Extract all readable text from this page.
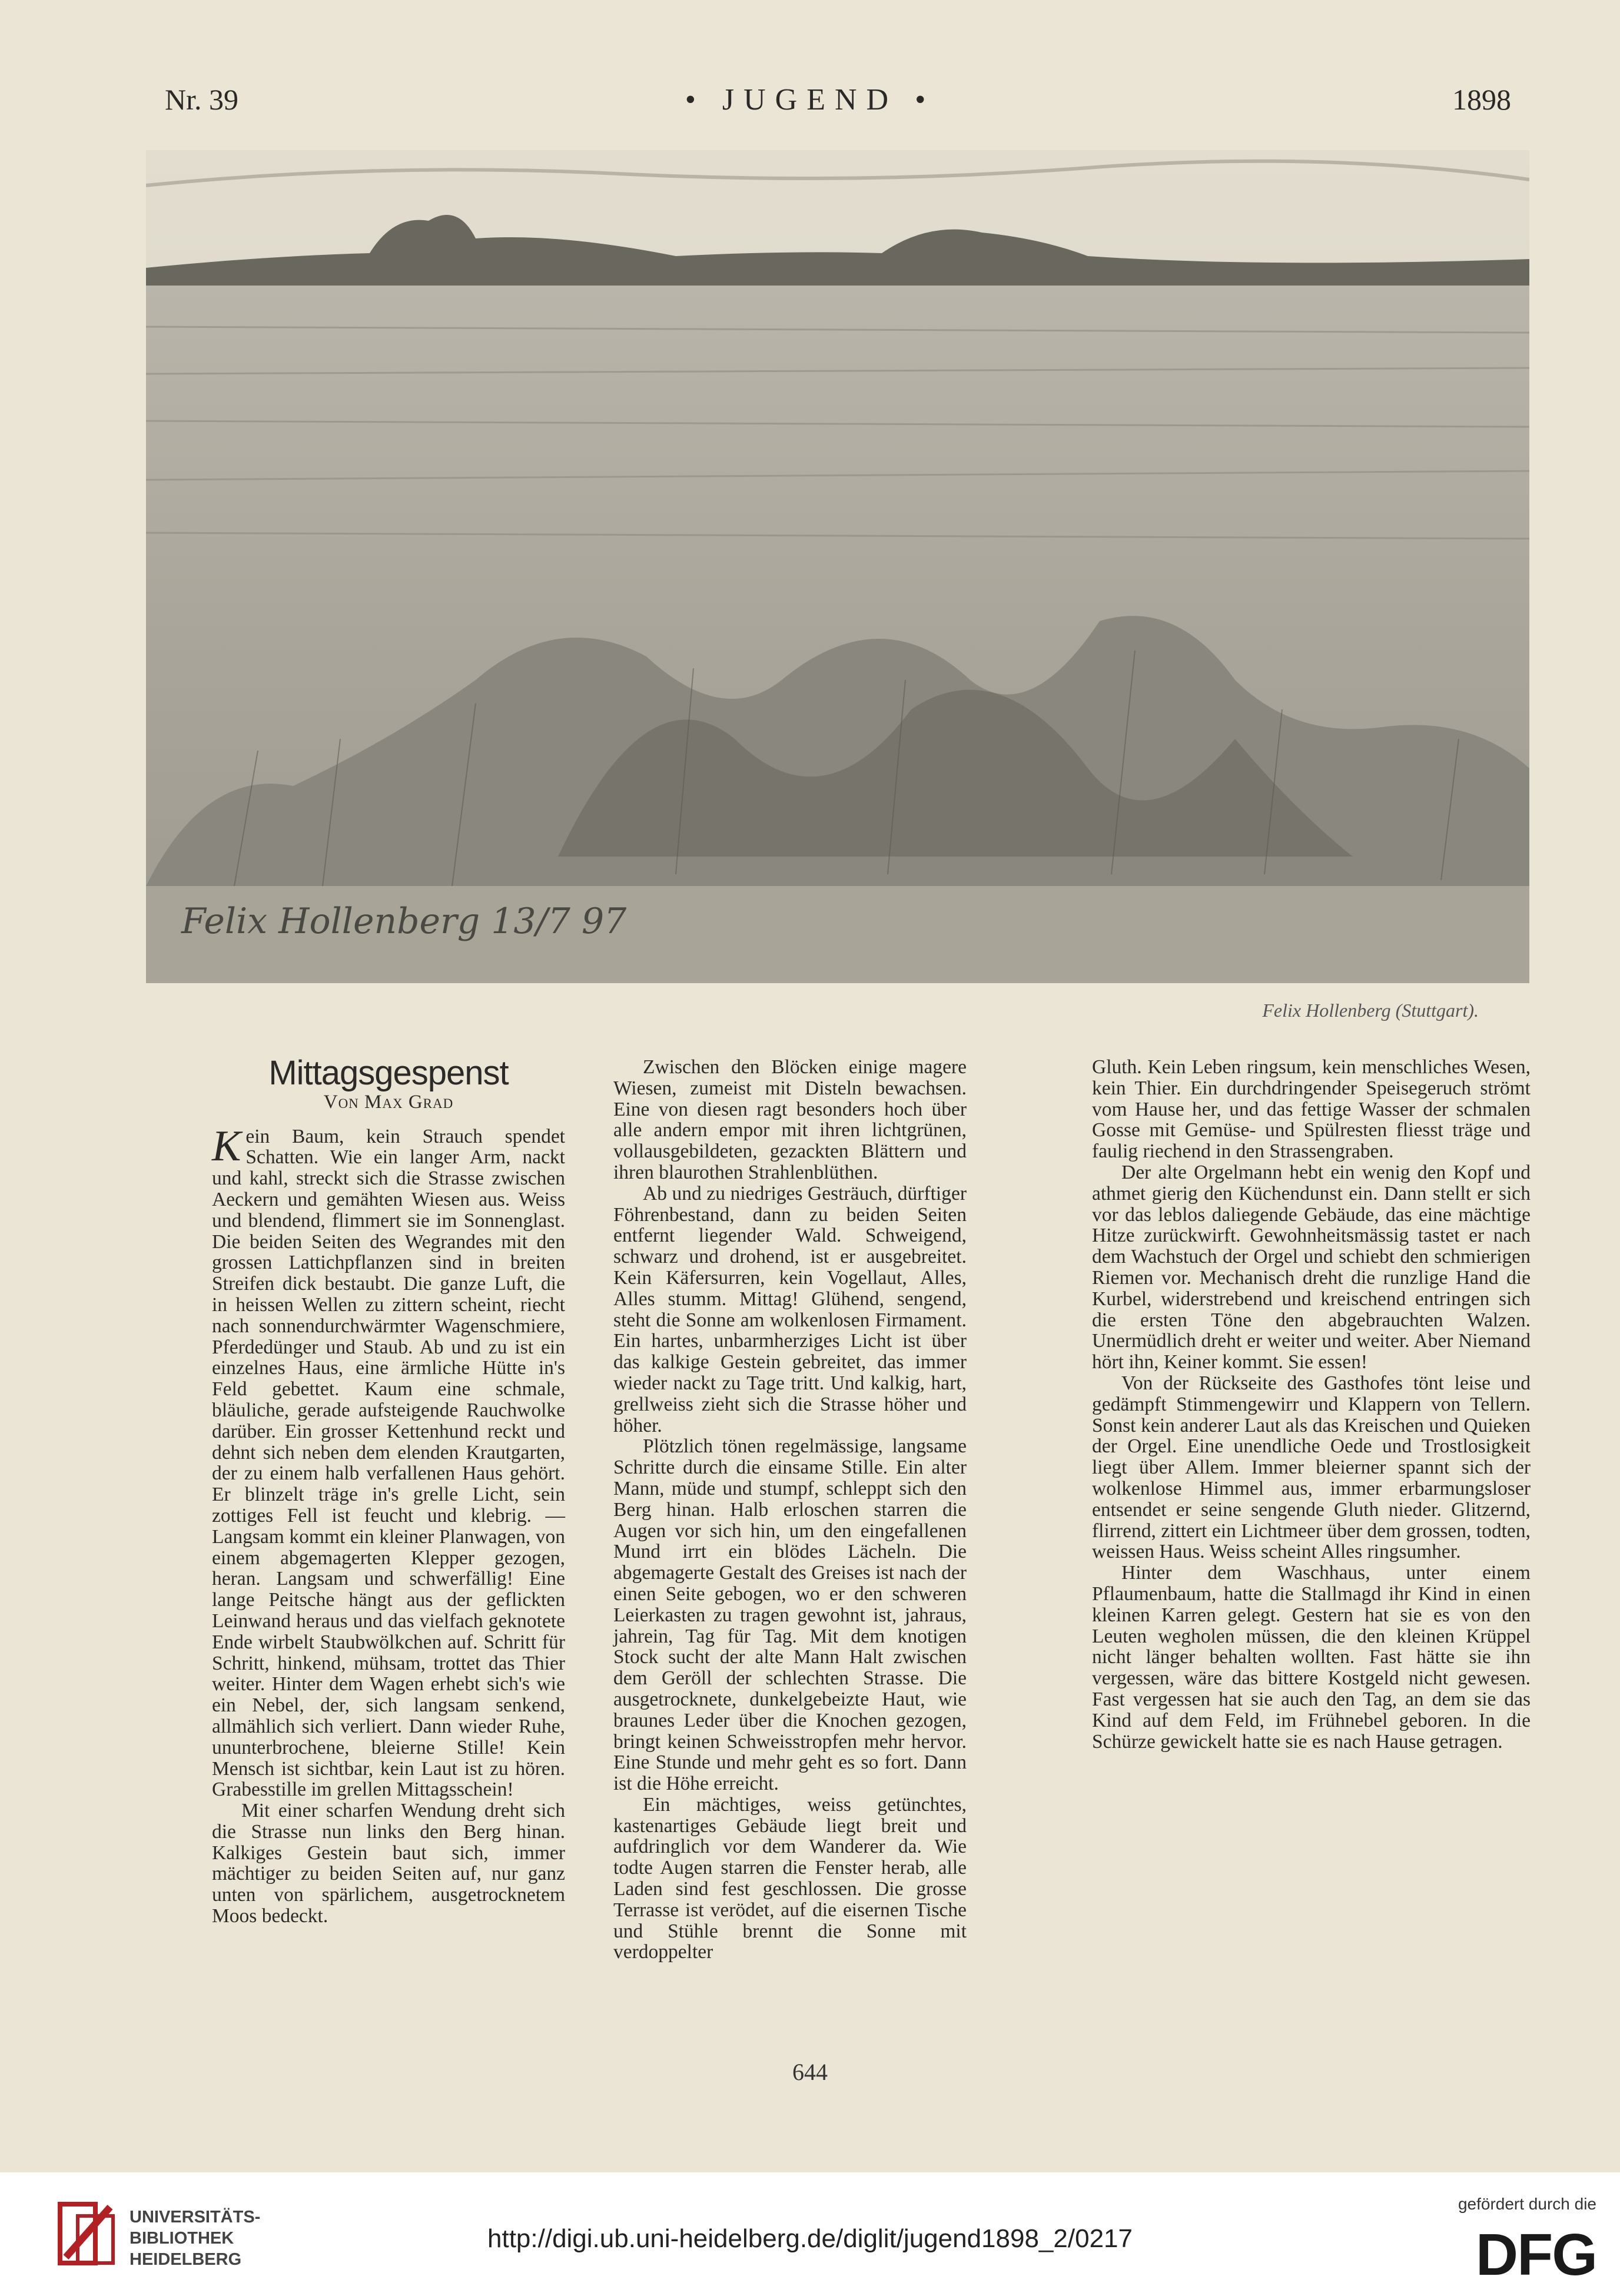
Nr. 39	• JUGEND •	1898
Felix Hollenberg 13/7 97
Felix Hollenberg (Stuttgart).
Mittagsgespenst
Von Max Grad

Kein Baum, kein Strauch spendet Schatten. Wie ein langer Arm, nackt und kahl, streckt sich die Strasse zwischen Aeckern und gemähten Wiesen aus. Weiss und blendend, flimmert sie im Sonnenglast. Die beiden Seiten des Wegrandes mit den grossen Lattichpflanzen sind in breiten Streifen dick bestaubt. Die ganze Luft, die in heissen Wellen zu zittern scheint, riecht nach sonnendurchwärmter Wagenschmiere, Pferdedünger und Staub. Ab und zu ist ein einzelnes Haus, eine ärmliche Hütte in's Feld gebettet. Kaum eine schmale, bläuliche, gerade aufsteigende Rauchwolke darüber. Ein grosser Kettenhund reckt und dehnt sich neben dem elenden Krautgarten, der zu einem halb verfallenen Haus gehört. Er blinzelt träge in's grelle Licht, sein zottiges Fell ist feucht und klebrig. — Langsam kommt ein kleiner Planwagen, von einem abgemagerten Klepper gezogen, heran. Langsam und schwerfällig! Eine lange Peitsche hängt aus der geflickten Leinwand heraus und das vielfach geknotete Ende wirbelt Staubwölkchen auf. Schritt für Schritt, hinkend, mühsam, trottet das Thier weiter. Hinter dem Wagen erhebt sich's wie ein Nebel, der, sich langsam senkend, allmählich sich verliert. Dann wieder Ruhe, ununterbrochene, bleierne Stille! Kein Mensch ist sichtbar, kein Laut ist zu hören. Grabesstille im grellen Mittagsschein!

Mit einer scharfen Wendung dreht sich die Strasse nun links den Berg hinan. Kalkiges Gestein baut sich, immer mächtiger zu beiden Seiten auf, nur ganz unten von spärlichem, ausgetrocknetem Moos bedeckt.

Zwischen den Blöcken einige magere Wiesen, zumeist mit Disteln bewachsen. Eine von diesen ragt besonders hoch über alle andern empor mit ihren lichtgrünen, vollausgebildeten, gezackten Blättern und ihren blaurothen Strahlenblüthen.

Ab und zu niedriges Gesträuch, dürftiger Föhrenbestand, dann zu beiden Seiten entfernt liegender Wald. Schweigend, schwarz und drohend, ist er ausgebreitet. Kein Käfersurren, kein Vogellaut, Alles, Alles stumm. Mittag! Glühend, sengend, steht die Sonne am wolkenlosen Firmament. Ein hartes, unbarmherziges Licht ist über das kalkige Gestein gebreitet, das immer wieder nackt zu Tage tritt. Und kalkig, hart, grellweiss zieht sich die Strasse höher und höher.

Plötzlich tönen regelmässige, langsame Schritte durch die einsame Stille. Ein alter Mann, müde und stumpf, schleppt sich den Berg hinan. Halb erloschen starren die Augen vor sich hin, um den eingefallenen Mund irrt ein blödes Lächeln. Die abgemagerte Gestalt des Greises ist nach der einen Seite gebogen, wo er den schweren Leierkasten zu tragen gewohnt ist, jahraus, jahrein, Tag für Tag. Mit dem knotigen Stock sucht der alte Mann Halt zwischen dem Geröll der schlechten Strasse. Die ausgetrocknete, dunkelgebeizte Haut, wie braunes Leder über die Knochen gezogen, bringt keinen Schweisstropfen mehr hervor. Eine Stunde und mehr geht es so fort. Dann ist die Höhe erreicht.

Ein mächtiges, weiss getünchtes, kastenartiges Gebäude liegt breit und aufdringlich vor dem Wanderer da. Wie todte Augen starren die Fenster herab, alle Laden sind fest geschlossen. Die grosse Terrasse ist verödet, auf die eisernen Tische und Stühle brennt die Sonne mit verdoppelter

Gluth. Kein Leben ringsum, kein menschliches Wesen, kein Thier. Ein durchdringender Speisegeruch strömt vom Hause her, und das fettige Wasser der schmalen Gosse mit Gemüse- und Spülresten fliesst träge und faulig riechend in den Strassengraben.

Der alte Orgelmann hebt ein wenig den Kopf und athmet gierig den Küchendunst ein. Dann stellt er sich vor das leblos daliegende Gebäude, das eine mächtige Hitze zurückwirft. Gewohnheitsmässig tastet er nach dem Wachstuch der Orgel und schiebt den schmierigen Riemen vor. Mechanisch dreht die runzlige Hand die Kurbel, widerstrebend und kreischend entringen sich die ersten Töne den abgebrauchten Walzen. Unermüdlich dreht er weiter und weiter. Aber Niemand hört ihn, Keiner kommt. Sie essen!

Von der Rückseite des Gasthofes tönt leise und gedämpft Stimmengewirr und Klappern von Tellern. Sonst kein anderer Laut als das Kreischen und Quieken der Orgel. Eine unendliche Oede und Trostlosigkeit liegt über Allem. Immer bleierner spannt sich der wolkenlose Himmel aus, immer erbarmungsloser entsendet er seine sengende Gluth nieder. Glitzernd, flirrend, zittert ein Lichtmeer über dem grossen, todten, weissen Haus. Weiss scheint Alles ringsumher.

Hinter dem Waschhaus, unter einem Pflaumenbaum, hatte die Stallmagd ihr Kind in einen kleinen Karren gelegt. Gestern hat sie es von den Leuten wegholen müssen, die den kleinen Krüppel nicht länger behalten wollten. Fast hätte sie ihn vergessen, wäre das bittere Kostgeld nicht gewesen. Fast vergessen hat sie auch den Tag, an dem sie das Kind auf dem Feld, im Frühnebel geboren. In die Schürze gewickelt hatte sie es nach Hause getragen.

644
UNIVERSITÄTS-
BIBLIOTHEK
HEIDELBERG
http://digi.ub.uni-heidelberg.de/diglit/jugend1898_2/0217
gefördert durch die
DFG
